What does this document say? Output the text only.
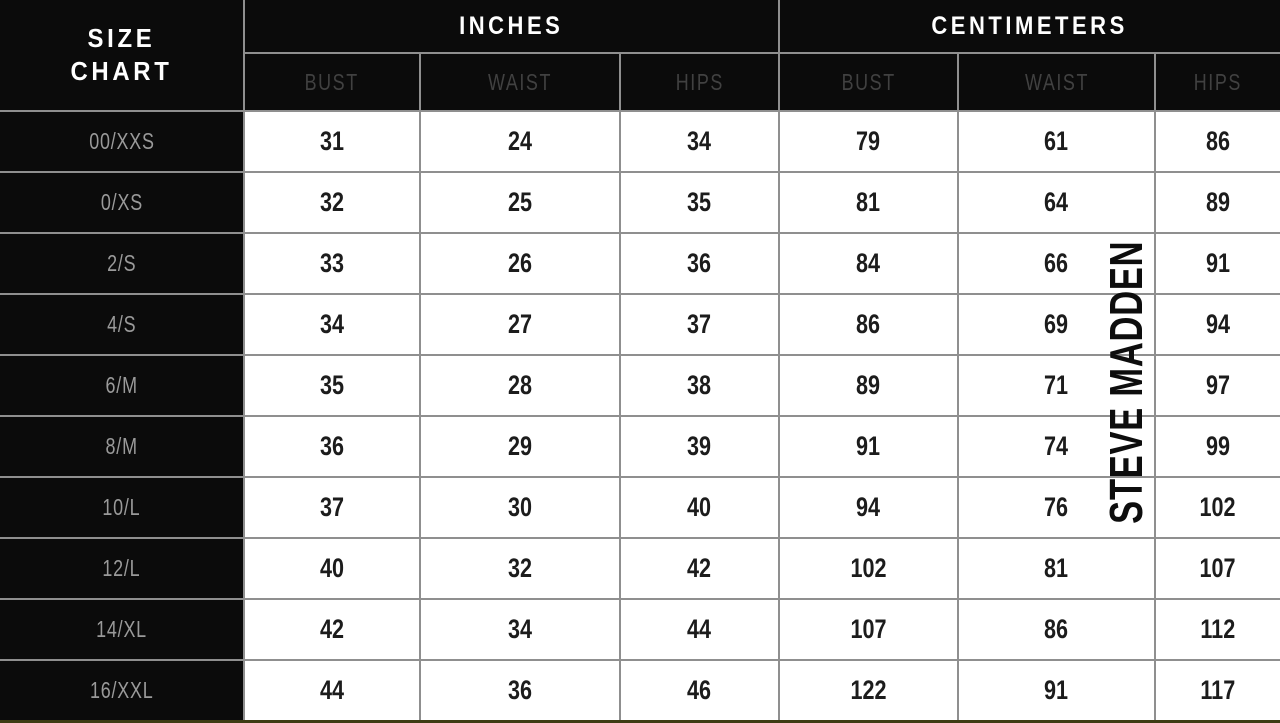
SIZE
CHART	INCHES			CENTIMETERS		
	BUST	WAIST	HIPS	BUST	WAIST	HIPS
00/XXS	31	24	34	79	61	86
0/XS	32	25	35	81	64	89
2/S	33	26	36	84	66	91
4/S	34	27	37	86	69	94
6/M	35	28	38	89	71	97
8/M	36	29	39	91	74	99
10/L	37	30	40	94	76	102
12/L	40	32	42	102	81	107
14/XL	42	34	44	107	86	112
16/XXL	44	36	46	122	91	117
STEVE MADDEN
